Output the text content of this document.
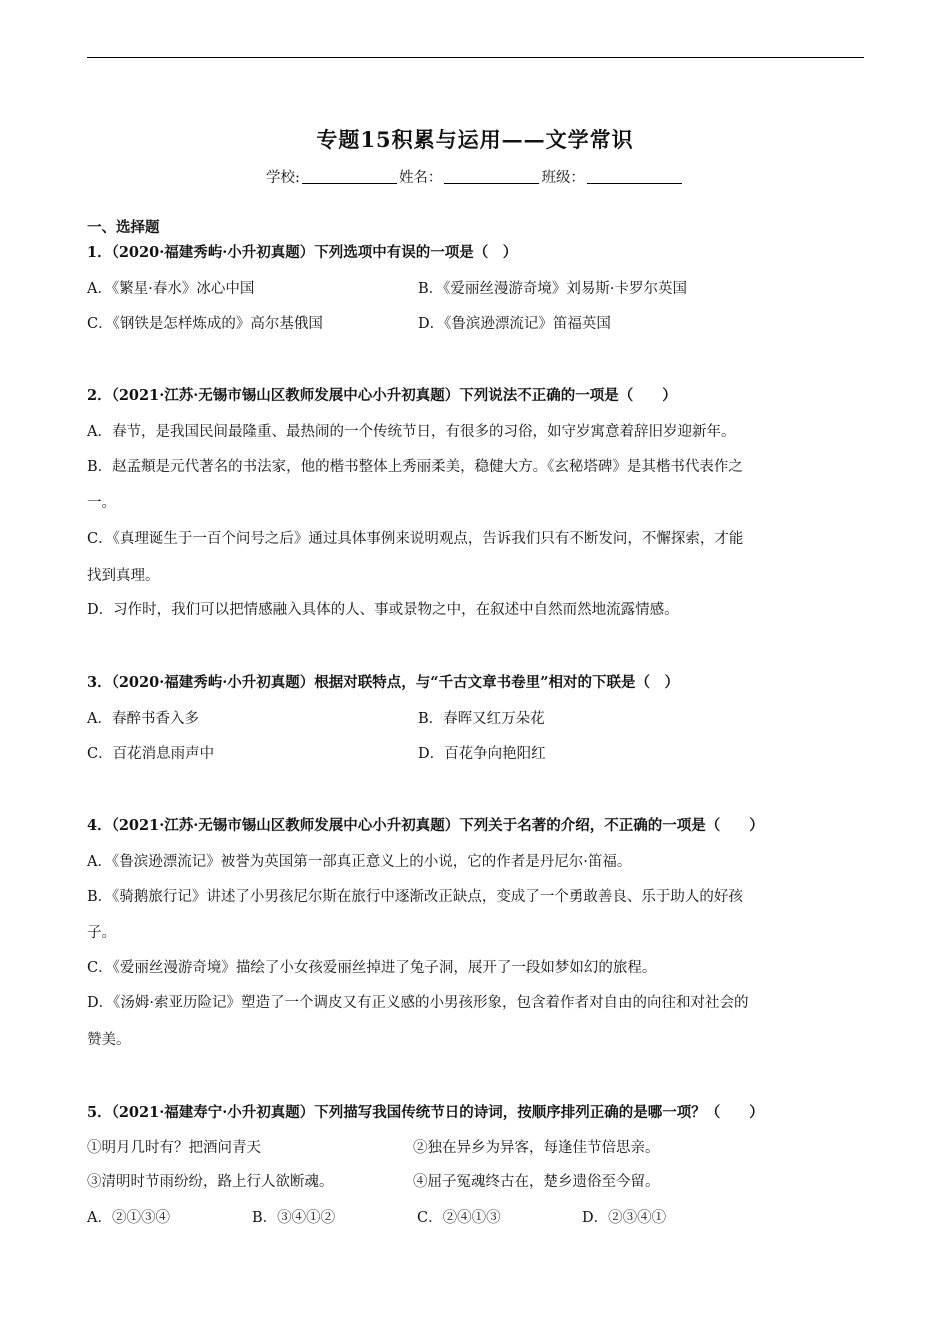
专题15积累与运用——文学常识
学校:	姓名：	班级：
一、选择题
1．（2020·福建秀屿·小升初真题）下列选项中有误的一项是（　）
A．《繁星·春水》冰心中国	B．《爱丽丝漫游奇境》刘易斯·卡罗尔英国
C．《钢铁是怎样炼成的》高尔基俄国	D．《鲁滨逊漂流记》笛福英国
2．（2021·江苏·无锡市锡山区教师发展中心小升初真题）下列说法不正确的一项是（　　）
A．春节，是我国民间最隆重、最热闹的一个传统节日，有很多的习俗，如守岁寓意着辞旧岁迎新年。
B．赵孟頫是元代著名的书法家，他的楷书整体上秀丽柔美，稳健大方。《玄秘塔碑》是其楷书代表作之
一。
C．《真理诞生于一百个问号之后》通过具体事例来说明观点，告诉我们只有不断发问，不懈探索，才能
找到真理。
D．习作时，我们可以把情感融入具体的人、事或景物之中，在叙述中自然而然地流露情感。
3．（2020·福建秀屿·小升初真题）根据对联特点，与“千古文章书卷里”相对的下联是（　）
A．春醉书香入多	B．春晖又红万朵花
C．百花消息雨声中	D．百花争向艳阳红
4．（2021·江苏·无锡市锡山区教师发展中心小升初真题）下列关于名著的介绍，不正确的一项是（　　）
A．《鲁滨逊漂流记》被誉为英国第一部真正意义上的小说，它的作者是丹尼尔·笛福。
B．《骑鹅旅行记》讲述了小男孩尼尔斯在旅行中逐渐改正缺点，变成了一个勇敢善良、乐于助人的好孩
子。
C．《爱丽丝漫游奇境》描绘了小女孩爱丽丝掉进了兔子洞，展开了一段如梦如幻的旅程。
D．《汤姆·索亚历险记》塑造了一个调皮又有正义感的小男孩形象，包含着作者对自由的向往和对社会的
赞美。
5．（2021·福建寿宁·小升初真题）下列描写我国传统节日的诗词，按顺序排列正确的是哪一项？（　　）
①明月几时有？把酒问青天	②独在异乡为异客，每逢佳节倍思亲。
③清明时节雨纷纷，路上行人欲断魂。	④屈子冤魂终古在，楚乡遗俗至今留。
A．②①③④	B．③④①②	C．②④①③	D．②③④①
